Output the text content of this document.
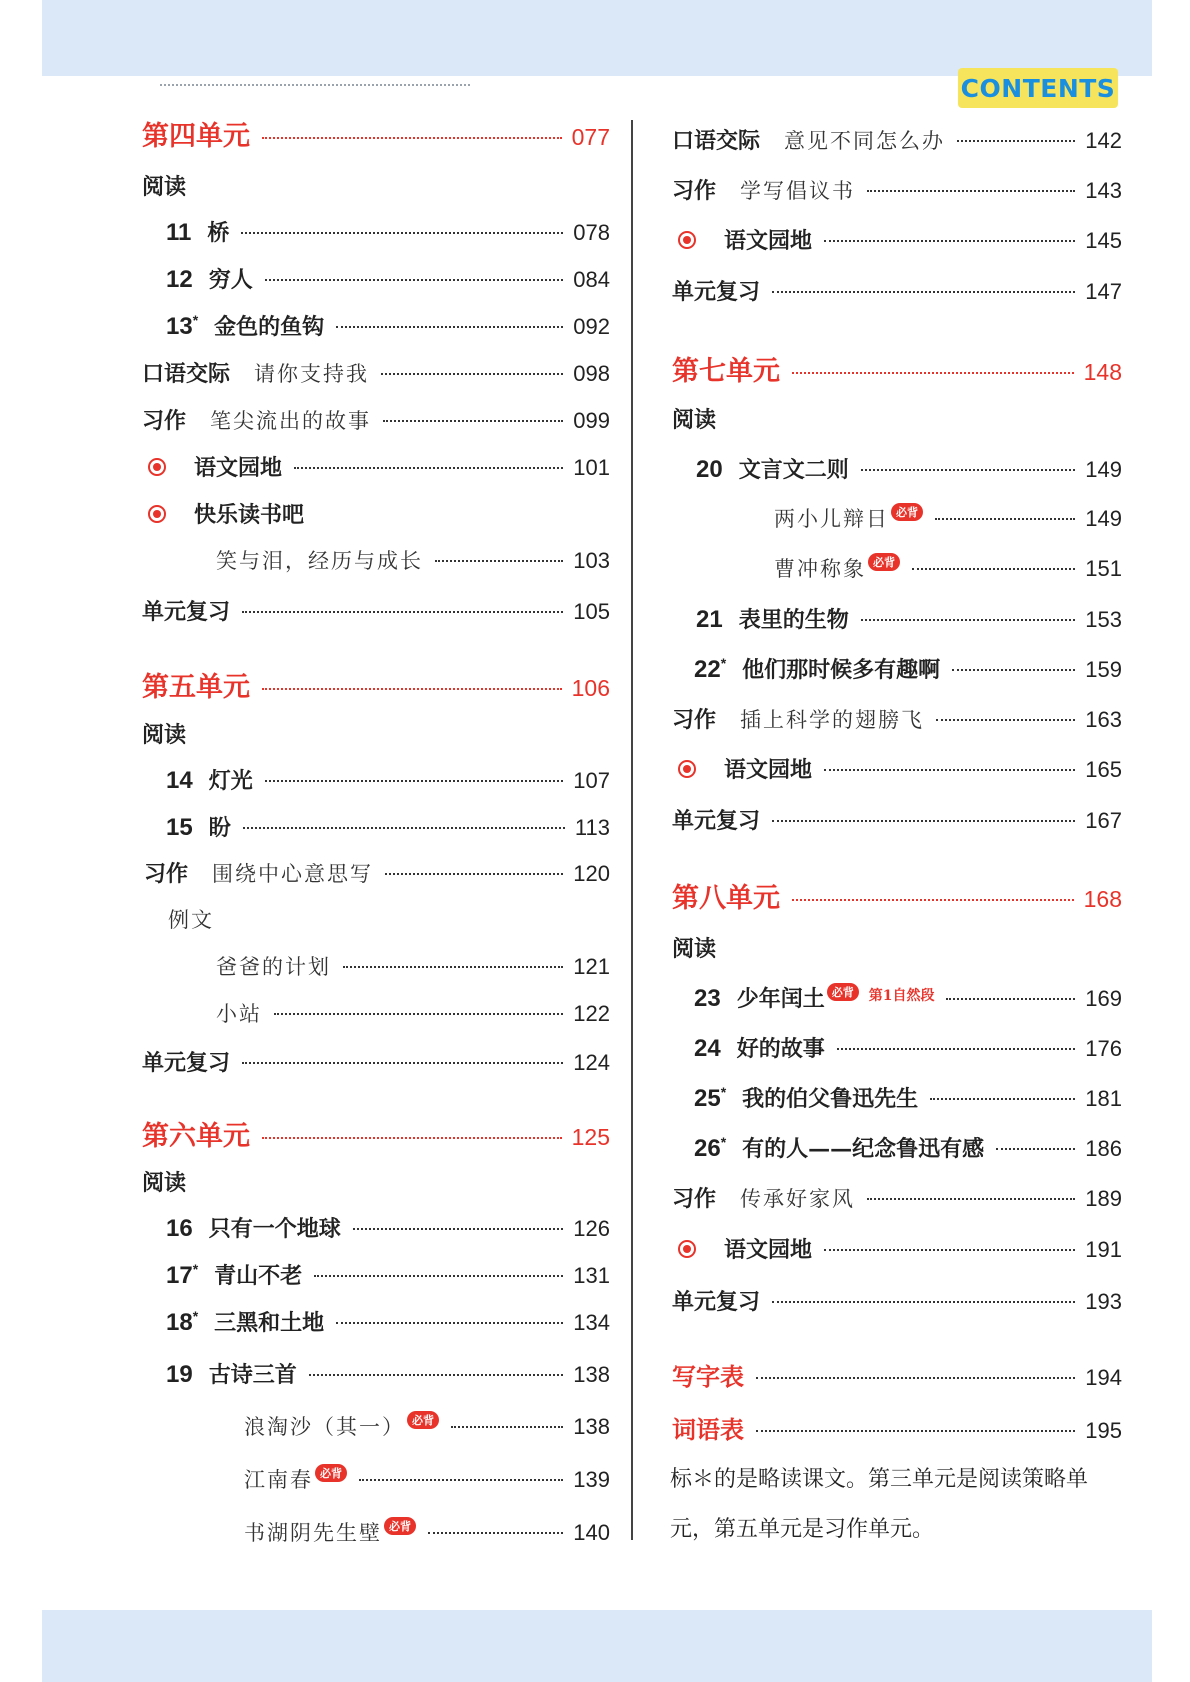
CONTENTS
第四单元	077
阅读
11 桥	078
12 穷人	084
13* 金色的鱼钩	092
口语交际 请你支持我	098
习作 笔尖流出的故事	099
语文园地	101
快乐读书吧
笑与泪，经历与成长	103
单元复习	105
第五单元	106
阅读
14 灯光	107
15 盼	113
习作 围绕中心意思写	120
例文
爸爸的计划	121
小站	122
单元复习	124
第六单元	125
阅读
16 只有一个地球	126
17* 青山不老	131
18* 三黑和土地	134
19 古诗三首	138
浪淘沙（其一） 必背	138
江南春 必背	139
书湖阴先生壁 必背	140
口语交际 意见不同怎么办	142
习作 学写倡议书	143
语文园地	145
单元复习	147
第七单元	148
阅读
20 文言文二则	149
两小儿辩日 必背	149
曹冲称象 必背	151
21 表里的生物	153
22* 他们那时候多有趣啊	159
习作 插上科学的翅膀飞	163
语文园地	165
单元复习	167
第八单元	168
阅读
23 少年闰土 必背	第1自然段	169
24 好的故事	176
25* 我的伯父鲁迅先生	181
26* 有的人——纪念鲁迅有感	186
习作 传承好家风	189
语文园地	191
单元复习	193
写字表	194
词语表	195
标＊的是略读课文。第三单元是阅读策略单元，第五单元是习作单元。
